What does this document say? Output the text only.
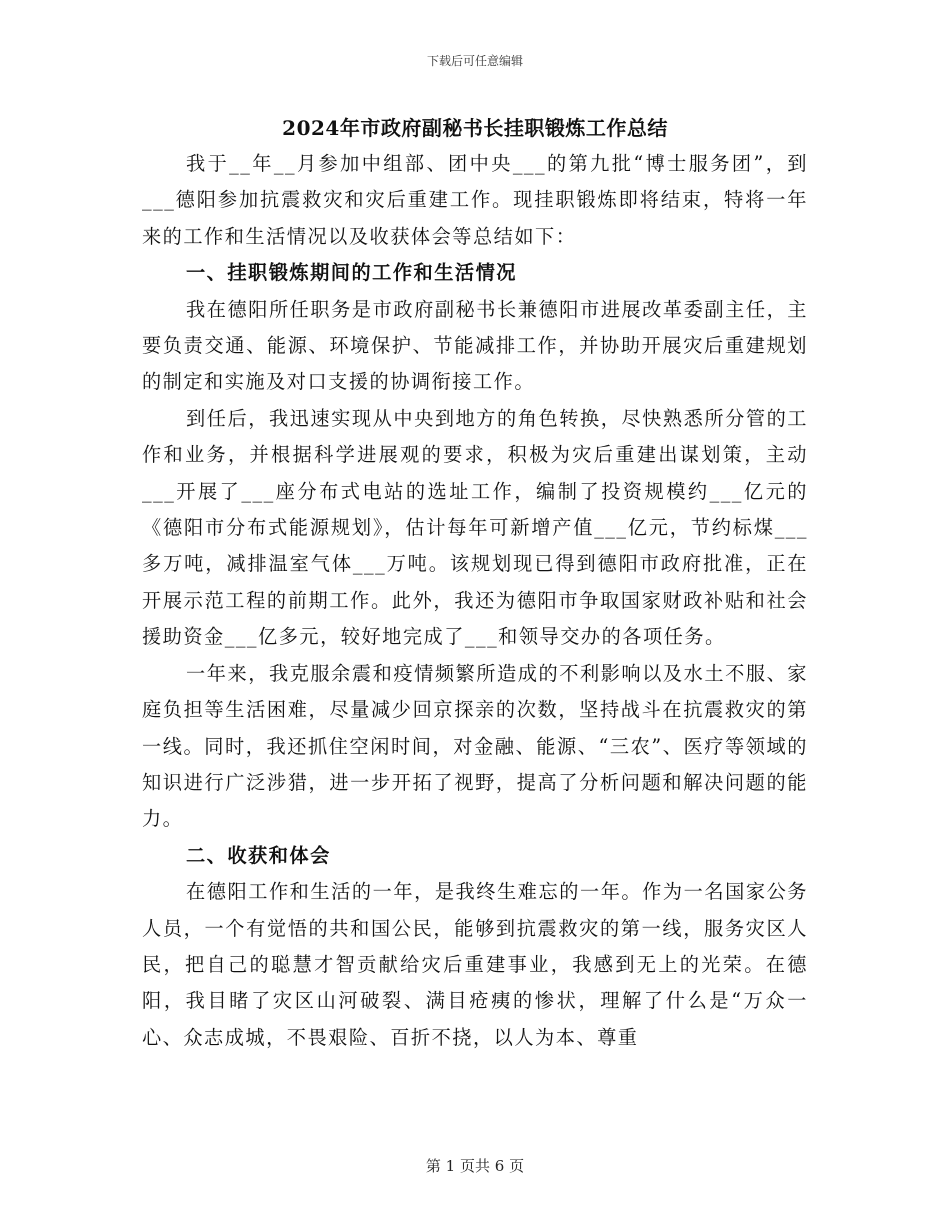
下载后可任意编辑
2024年市政府副秘书长挂职锻炼工作总结

我于__年__月参加中组部、团中央___的第九批“博士服务团”，到___德阳参加抗震救灾和灾后重建工作。现挂职锻炼即将结束，特将一年来的工作和生活情况以及收获体会等总结如下：

一、挂职锻炼期间的工作和生活情况

我在德阳所任职务是市政府副秘书长兼德阳市进展改革委副主任，主要负责交通、能源、环境保护、节能减排工作，并协助开展灾后重建规划的制定和实施及对口支援的协调衔接工作。

到任后，我迅速实现从中央到地方的角色转换，尽快熟悉所分管的工作和业务，并根据科学进展观的要求，积极为灾后重建出谋划策，主动___开展了___座分布式电站的选址工作，编制了投资规模约___亿元的《德阳市分布式能源规划》，估计每年可新增产值___亿元，节约标煤___多万吨，减排温室气体___万吨。该规划现已得到德阳市政府批准，正在开展示范工程的前期工作。此外，我还为德阳市争取国家财政补贴和社会援助资金___亿多元，较好地完成了___和领导交办的各项任务。

一年来，我克服余震和疫情频繁所造成的不利影响以及水土不服、家庭负担等生活困难，尽量减少回京探亲的次数，坚持战斗在抗震救灾的第一线。同时，我还抓住空闲时间，对金融、能源、“三农”、医疗等领域的知识进行广泛涉猎，进一步开拓了视野，提高了分析问题和解决问题的能力。

二、收获和体会

在德阳工作和生活的一年，是我终生难忘的一年。作为一名国家公务人员，一个有觉悟的共和国公民，能够到抗震救灾的第一线，服务灾区人民，把自己的聪慧才智贡献给灾后重建事业，我感到无上的光荣。在德阳，我目睹了灾区山河破裂、满目疮痍的惨状，理解了什么是“万众一心、众志成城，不畏艰险、百折不挠，以人为本、尊重

第 1 页共 6 页
